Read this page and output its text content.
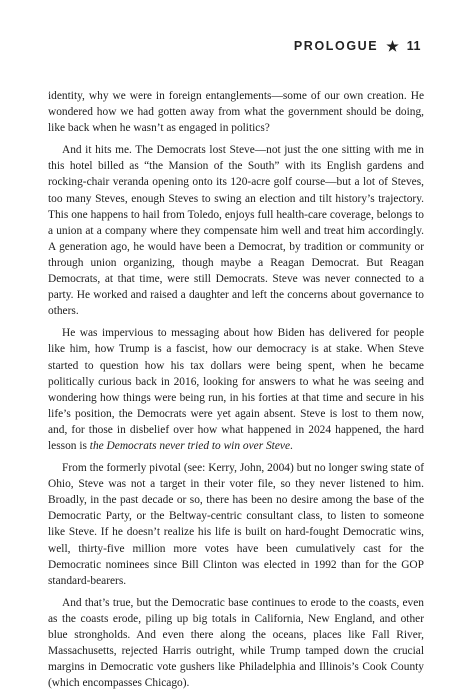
PROLOGUE ★ 11

identity, why we were in foreign entanglements—some of our own creation. He wondered how we had gotten away from what the government should be doing, like back when he wasn’t as engaged in politics?

And it hits me. The Democrats lost Steve—not just the one sitting with me in this hotel billed as “the Mansion of the South” with its English gardens and rocking-chair veranda opening onto its 120-acre golf course—but a lot of Steves, too many Steves, enough Steves to swing an election and tilt history’s trajectory. This one happens to hail from Toledo, enjoys full health-care coverage, belongs to a union at a company where they compensate him well and treat him accordingly. A generation ago, he would have been a Democrat, by tradition or community or through union organizing, though maybe a Reagan Democrat. But Reagan Democrats, at that time, were still Democrats. Steve was never connected to a party. He worked and raised a daughter and left the concerns about governance to others.

He was impervious to messaging about how Biden has delivered for people like him, how Trump is a fascist, how our democracy is at stake. When Steve started to question how his tax dollars were being spent, when he became politically curious back in 2016, looking for answers to what he was seeing and wondering how things were being run, in his forties at that time and secure in his life’s position, the Democrats were yet again absent. Steve is lost to them now, and, for those in disbelief over how what happened in 2024 happened, the hard lesson is the Democrats never tried to win over Steve.

From the formerly pivotal (see: Kerry, John, 2004) but no longer swing state of Ohio, Steve was not a target in their voter file, so they never listened to him. Broadly, in the past decade or so, there has been no desire among the base of the Democratic Party, or the Beltway-centric consultant class, to listen to someone like Steve. If he doesn’t realize his life is built on hard-fought Democratic wins, well, thirty-five million more votes have been cumulatively cast for the Democratic nominees since Bill Clinton was elected in 1992 than for the GOP standard-bearers.

And that’s true, but the Democratic base continues to erode to the coasts, even as the coasts erode, piling up big totals in California, New England, and other blue strongholds. And even there along the oceans, places like Fall River, Massachusetts, rejected Harris outright, while Trump tamped down the crucial margins in Democratic vote gushers like Philadelphia and Illinois’s Cook County (which encompasses Chicago).
